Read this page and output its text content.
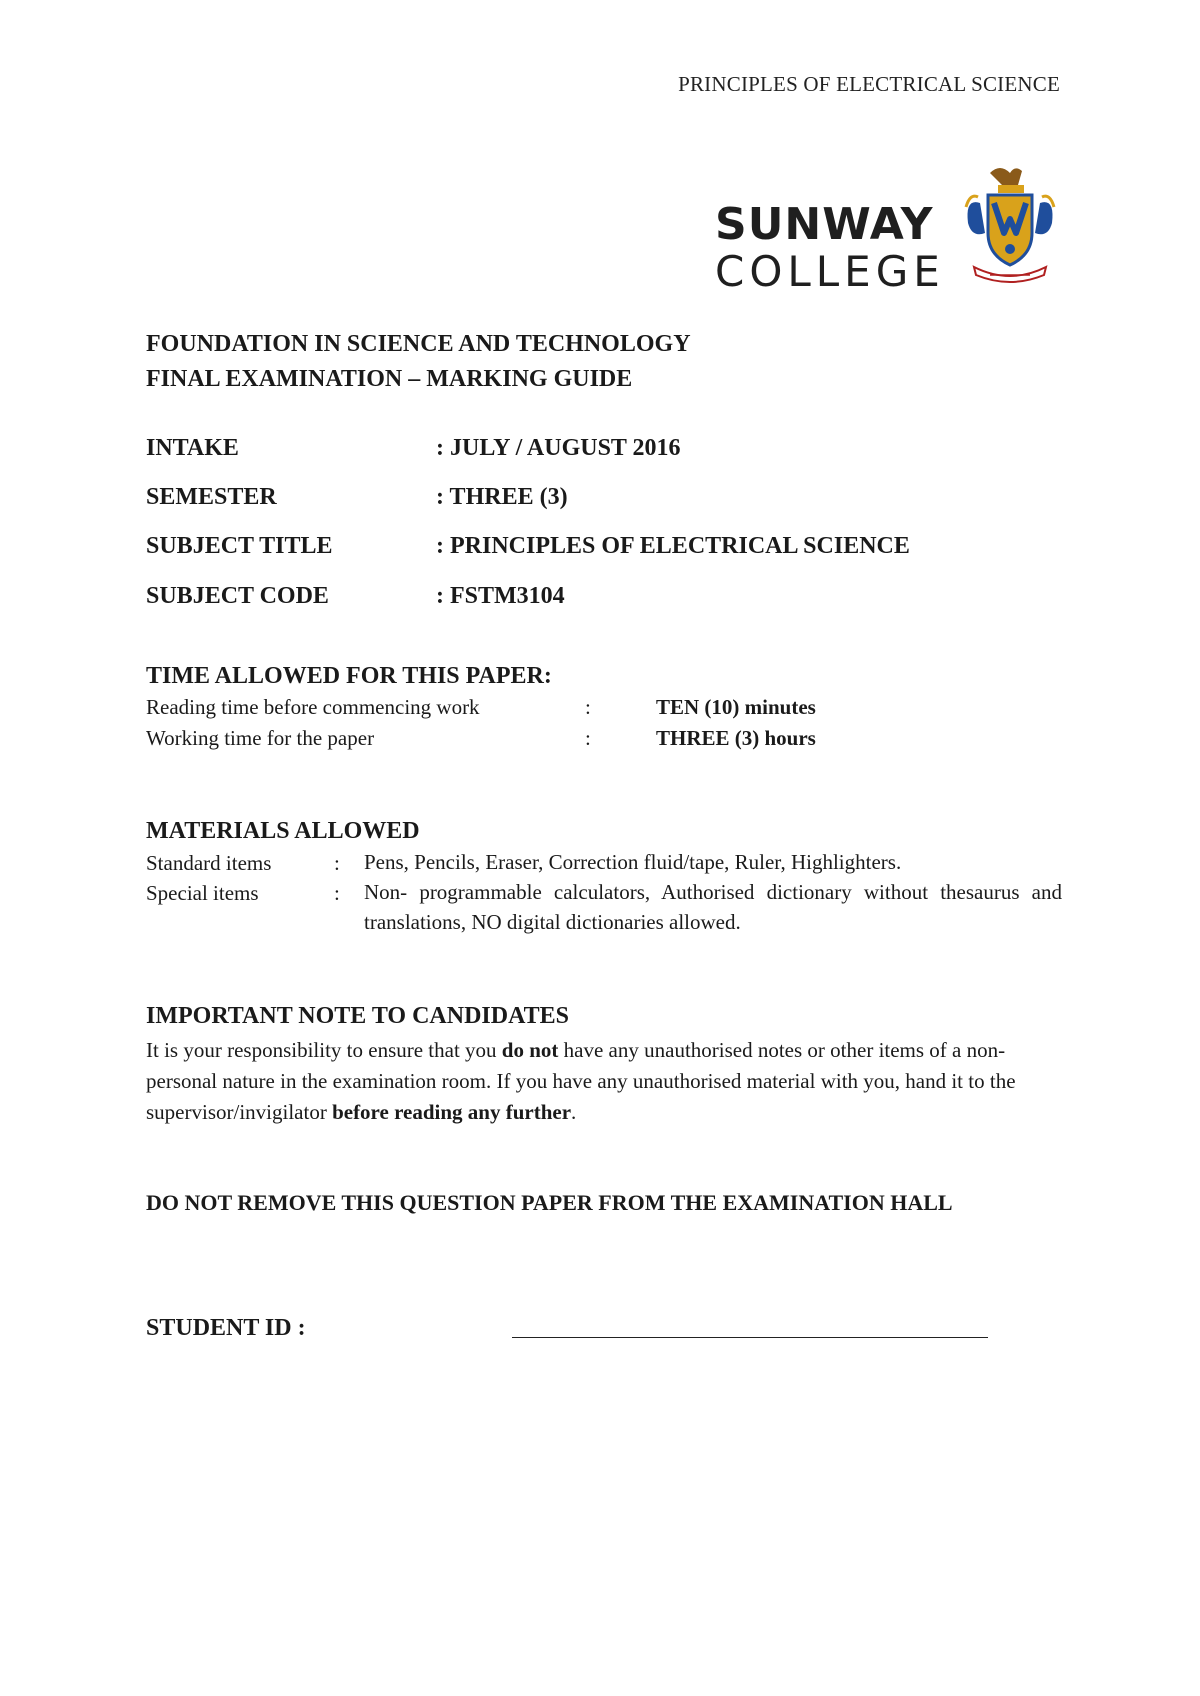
PRINCIPLES OF ELECTRICAL SCIENCE
SUNWAY
COLLEGE
FOUNDATION IN SCIENCE AND TECHNOLOGY
FINAL EXAMINATION – MARKING GUIDE
INTAKE	: JULY / AUGUST 2016
SEMESTER	: THREE (3)
SUBJECT TITLE	: PRINCIPLES OF ELECTRICAL SCIENCE
SUBJECT CODE	: FSTM3104
TIME ALLOWED FOR THIS PAPER:
Reading time before commencing work	:	TEN (10) minutes
Working time for the paper	:	THREE (3) hours
MATERIALS ALLOWED
Standard items	: Pens, Pencils, Eraser, Correction fluid/tape, Ruler, Highlighters.
Special items	: Non- programmable calculators, Authorised dictionary without thesaurus and translations, NO digital dictionaries allowed.
IMPORTANT NOTE TO CANDIDATES
It is your responsibility to ensure that you do not have any unauthorised notes or other items of a non-personal nature in the examination room. If you have any unauthorised material with you, hand it to the supervisor/invigilator before reading any further.
DO NOT REMOVE THIS QUESTION PAPER FROM THE EXAMINATION HALL
STUDENT ID :
